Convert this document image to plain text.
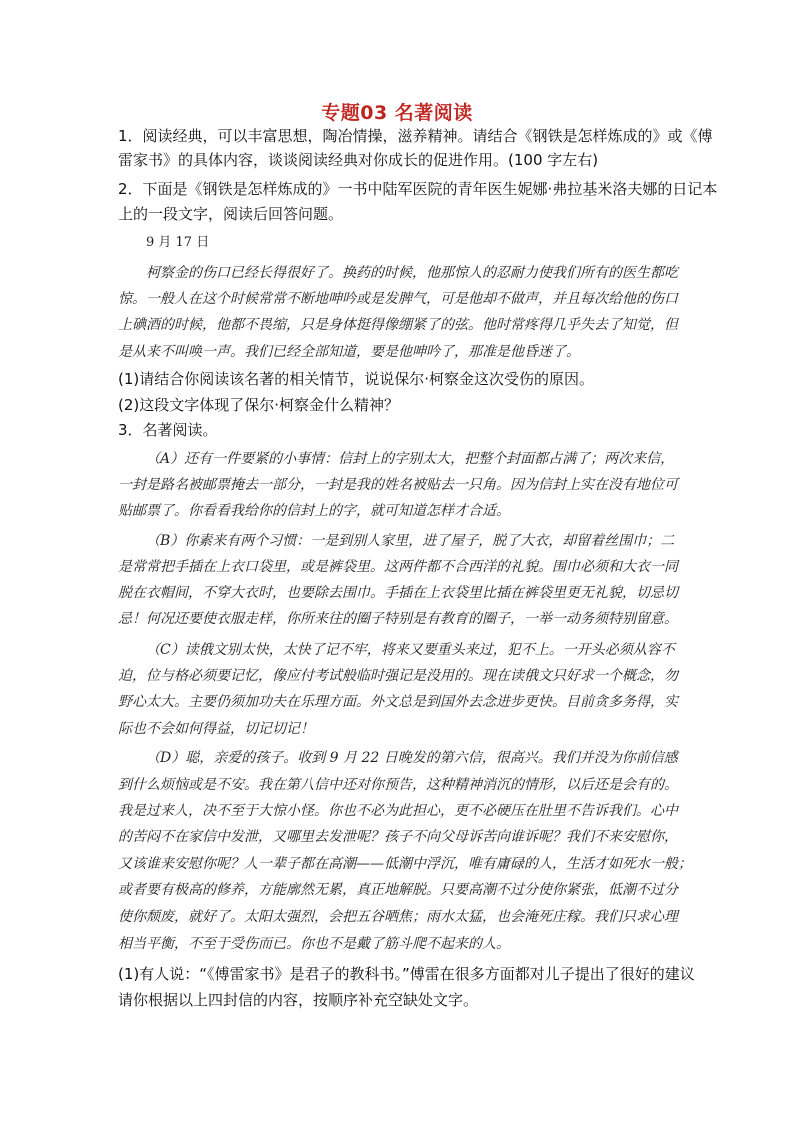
专题03 名著阅读
1．阅读经典，可以丰富思想，陶冶情操，滋养精神。请结合《钢铁是怎样炼成的》或《傅
雷家书》的具体内容，谈谈阅读经典对你成长的促进作用。(100 字左右)
2．下面是《钢铁是怎样炼成的》一书中陆军医院的青年医生妮娜·弗拉基米洛夫娜的日记本
上的一段文字，阅读后回答问题。
9 月 17 日
柯察金的伤口已经长得很好了。换药的时候，他那惊人的忍耐力使我们所有的医生都吃
惊。一般人在这个时候常常不断地呻吟或是发脾气，可是他却不做声，并且每次给他的伤口
上碘酒的时候，他都不畏缩，只是身体挺得像绷紧了的弦。他时常疼得几乎失去了知觉，但
是从来不叫唤一声。我们已经全部知道，要是他呻吟了，那准是他昏迷了。
(1)请结合你阅读该名著的相关情节，说说保尔·柯察金这次受伤的原因。
(2)这段文字体现了保尔·柯察金什么精神？
3．名著阅读。
（A）还有一件要紧的小事情：信封上的字别太大，把整个封面都占满了；两次来信，
一封是路名被邮票掩去一部分，一封是我的姓名被贴去一只角。因为信封上实在没有地位可
贴邮票了。你看看我给你的信封上的字，就可知道怎样才合适。
（B）你素来有两个习惯：一是到别人家里，进了屋子，脱了大衣，却留着丝围巾；二
是常常把手插在上衣口袋里，或是裤袋里。这两件都不合西洋的礼貌。围巾必须和大衣一同
脱在衣帽间，不穿大衣时，也要除去围巾。手插在上衣袋里比插在裤袋里更无礼貌，切忌切
忌！何况还要使衣服走样，你所来往的圈子特别是有教育的圈子，一举一动务须特别留意。
（C）读俄文别太快，太快了记不牢，将来又要重头来过，犯不上。一开头必须从容不
迫，位与格必须要记忆，像应付考试般临时强记是没用的。现在读俄文只好求一个概念，勿
野心太大。主要仍须加功夫在乐理方面。外文总是到国外去念进步更快。目前贪多务得，实
际也不会如何得益，切记切记！
（D）聪，亲爱的孩子。收到 9 月 22 日晚发的第六信，很高兴。我们并没为你前信感
到什么烦恼或是不安。我在第八信中还对你预告，这种精神消沉的情形，以后还是会有的。
我是过来人，决不至于大惊小怪。你也不必为此担心，更不必硬压在肚里不告诉我们。心中
的苦闷不在家信中发泄，又哪里去发泄呢？孩子不向父母诉苦向谁诉呢？我们不来安慰你，
又该谁来安慰你呢？人一辈子都在高潮——低潮中浮沉，唯有庸碌的人，生活才如死水一般；
或者要有极高的修养，方能廓然无累，真正地解脱。只要高潮不过分使你紧张，低潮不过分
使你颓废，就好了。太阳太强烈，会把五谷晒焦；雨水太猛，也会淹死庄稼。我们只求心理
相当平衡，不至于受伤而已。你也不是戴了筋斗爬不起来的人。
(1)有人说：“《傅雷家书》是君子的教科书。”傅雷在很多方面都对儿子提出了很好的建议
请你根据以上四封信的内容，按顺序补充空缺处文字。
